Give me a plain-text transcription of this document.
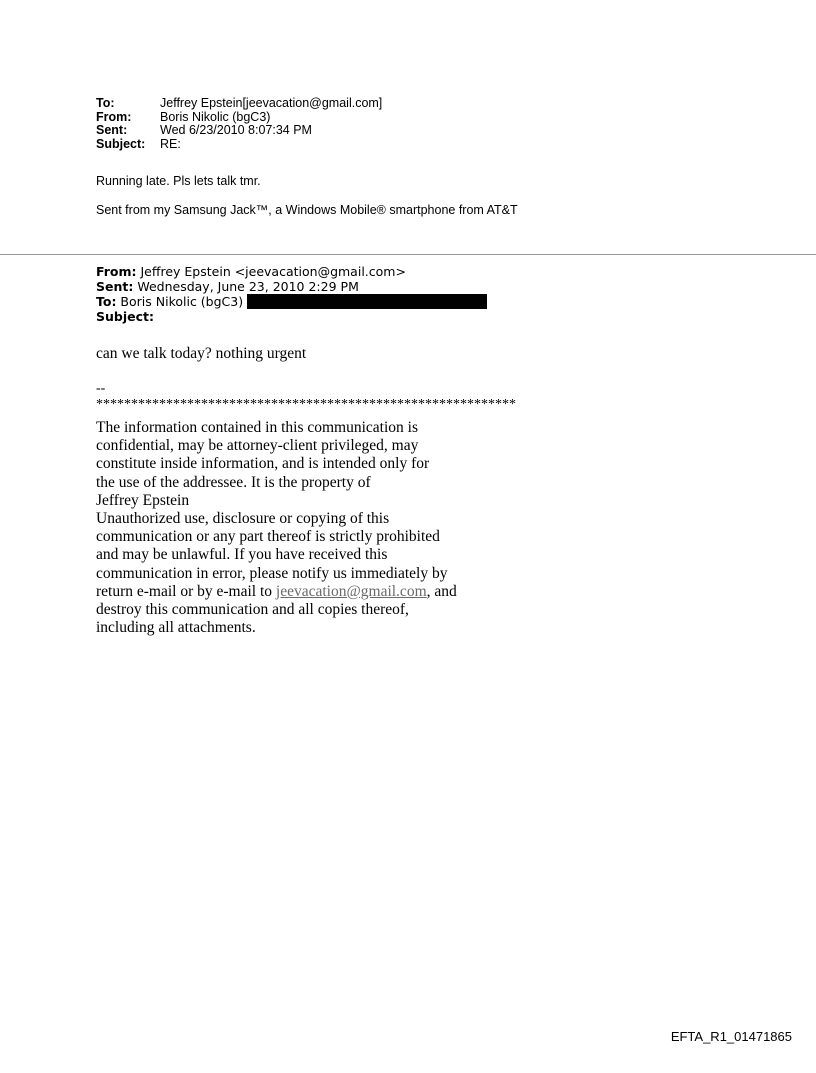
To:	Jeffrey Epstein[jeevacation@gmail.com]
From:	Boris Nikolic (bgC3)
Sent:	Wed 6/23/2010 8:07:34 PM
Subject:	RE:

Running late. Pls lets talk tmr.

Sent from my Samsung Jack™, a Windows Mobile® smartphone from AT&T

From: Jeffrey Epstein <jeevacation@gmail.com>
Sent: Wednesday, June 23, 2010 2:29 PM
To: Boris Nikolic (bgC3)
Subject:

can we talk today? nothing urgent

--
************************************************************
The information contained in this communication is
confidential, may be attorney-client privileged, may
constitute inside information, and is intended only for
the use of the addressee. It is the property of
Jeffrey Epstein
Unauthorized use, disclosure or copying of this
communication or any part thereof is strictly prohibited
and may be unlawful. If you have received this
communication in error, please notify us immediately by
return e-mail or by e-mail to jeevacation@gmail.com, and
destroy this communication and all copies thereof,
including all attachments.
EFTA_R1_01471865
